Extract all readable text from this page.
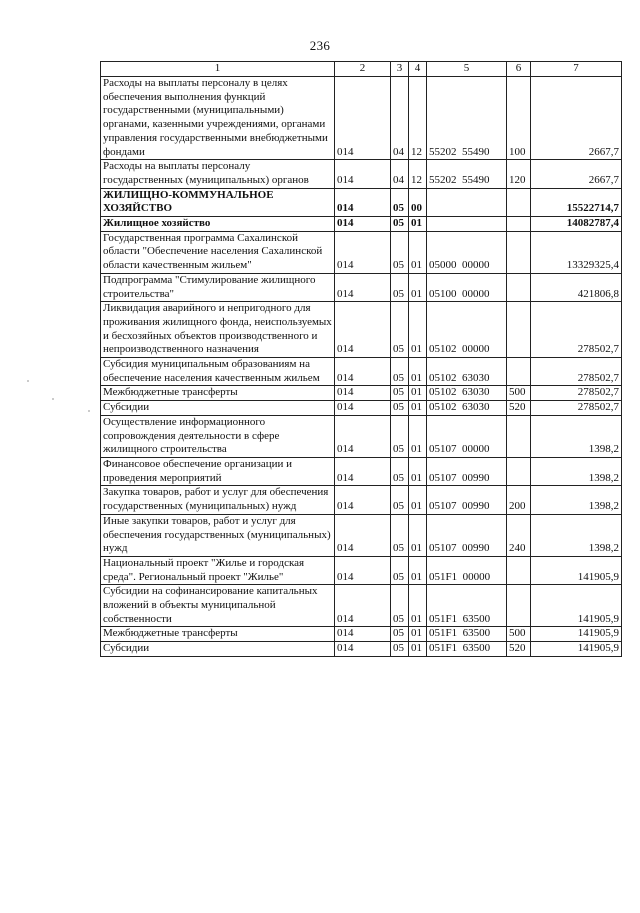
236
1	2	3	4	5	6	7
Расходы на выплаты персоналу в целях обеспечения выполнения функций государственными (муниципальными) органами, казенными учреждениями, органами управления государственными внебюджетными фондами	014	04	12	55202  55490	100	2667,7
Расходы на выплаты персоналу государственных (муниципальных) органов	014	04	12	55202  55490	120	2667,7
ЖИЛИЩНО-КОММУНАЛЬНОЕ ХОЗЯЙСТВО	014	05	00			15522714,7
Жилищное хозяйство	014	05	01			14082787,4
Государственная программа Сахалинской области "Обеспечение населения Сахалинской области качественным жильем"	014	05	01	05000  00000		13329325,4
Подпрограмма "Стимулирование жилищного строительства"	014	05	01	05100  00000		421806,8
Ликвидация аварийного и непригодного для проживания жилищного фонда, неиспользуемых и бесхозяйных объектов производственного и непроизводственного назначения	014	05	01	05102  00000		278502,7
Субсидия муниципальным образованиям на обеспечение населения качественным жильем	014	05	01	05102  63030		278502,7
Межбюджетные трансферты	014	05	01	05102  63030	500	278502,7
Субсидии	014	05	01	05102  63030	520	278502,7
Осуществление информационного сопровождения деятельности в сфере жилищного строительства	014	05	01	05107  00000		1398,2
Финансовое обеспечение организации и проведения мероприятий	014	05	01	05107  00990		1398,2
Закупка товаров, работ и услуг для обеспечения государственных (муниципальных) нужд	014	05	01	05107  00990	200	1398,2
Иные закупки товаров, работ и услуг для обеспечения государственных (муниципальных) нужд	014	05	01	05107  00990	240	1398,2
Национальный проект "Жилье и городская среда". Региональный проект "Жилье"	014	05	01	051F1  00000		141905,9
Субсидии на софинансирование капитальных вложений в объекты муниципальной собственности	014	05	01	051F1  63500		141905,9
Межбюджетные трансферты	014	05	01	051F1  63500	500	141905,9
Субсидии	014	05	01	051F1  63500	520	141905,9
